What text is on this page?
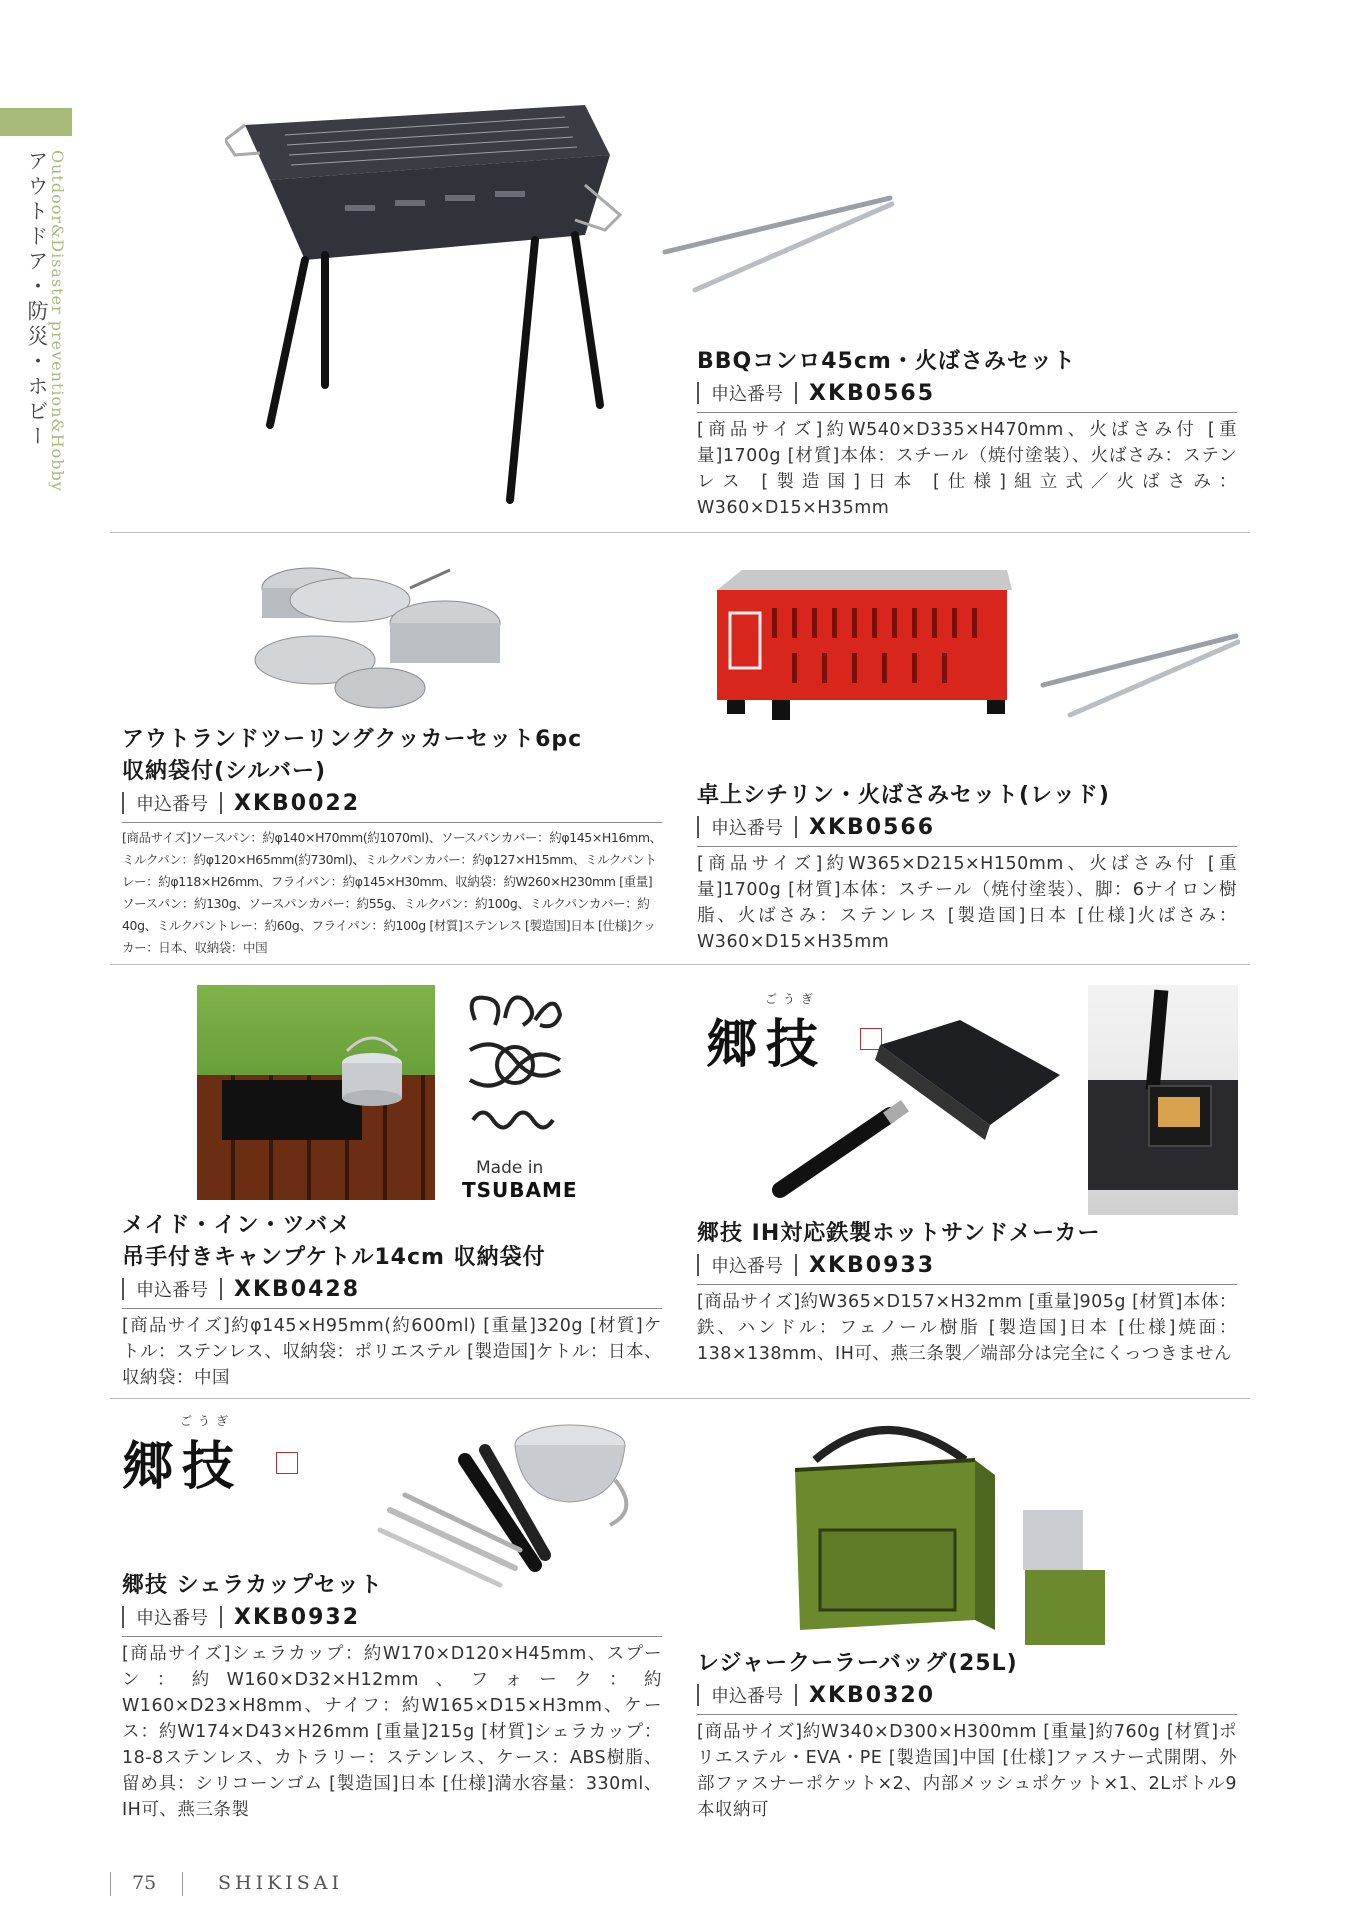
Outdoor&Disaster prevention&Hobby
アウトドア・防災・ホビー	BBQコンロ45cm・火ばさみセット
申込番号 XKB0565
[商品サイズ]約W540×D335×H470mm、火ばさみ付 [重量]1700g [材質]本体：スチール（焼付塗装）、火ばさみ：ステンレス [製造国]日本 [仕様]組立式／火ばさみ：W360×D15×H35mm
アウトランドツーリングクッカーセット6pc
収納袋付(シルバー)
申込番号 XKB0022
[商品サイズ]ソースパン：約φ140×H70mm(約1070ml)、ソースパンカバー：約φ145×H16mm、ミルクパン：約φ120×H65mm(約730ml)、ミルクパンカバー：約φ127×H15mm、ミルクパントレー：約φ118×H26mm、フライパン：約φ145×H30mm、収納袋：約W260×H230mm [重量]ソースパン：約130g、ソースパンカバー：約55g、ミルクパン：約100g、ミルクパンカバー：約40g、ミルクパントレー：約60g、フライパン：約100g [材質]ステンレス [製造国]日本 [仕様]クッカー：日本、収納袋：中国
卓上シチリン・火ばさみセット(レッド)
申込番号 XKB0566
[商品サイズ]約W365×D215×H150mm、火ばさみ付 [重量]1700g [材質]本体：スチール（焼付塗装）、脚：6ナイロン樹脂、火ばさみ：ステンレス [製造国]日本 [仕様]火ばさみ：W360×D15×H35mm
Made in
TSUBAME
メイド・イン・ツバメ
吊手付きキャンプケトル14cm 収納袋付
申込番号 XKB0428
[商品サイズ]約φ145×H95mm(約600ml) [重量]320g [材質]ケトル：ステンレス、収納袋：ポリエステル [製造国]ケトル：日本、収納袋：中国
ごうぎ
郷技
郷技 IH対応鉄製ホットサンドメーカー
申込番号 XKB0933
[商品サイズ]約W365×D157×H32mm [重量]905g [材質]本体：鉄、ハンドル：フェノール樹脂 [製造国]日本 [仕様]焼面：138×138mm、IH可、燕三条製／端部分は完全にくっつきません
ごうぎ
郷技
郷技 シェラカップセット
申込番号 XKB0932
[商品サイズ]シェラカップ：約W170×D120×H45mm、スプーン：約W160×D32×H12mm、フォーク：約W160×D23×H8mm、ナイフ：約W165×D15×H3mm、ケース：約W174×D43×H26mm [重量]215g [材質]シェラカップ：18-8ステンレス、カトラリー：ステンレス、ケース：ABS樹脂、留め具：シリコーンゴム [製造国]日本 [仕様]満水容量：330ml、IH可、燕三条製
レジャークーラーバッグ(25L)
申込番号 XKB0320
[商品サイズ]約W340×D300×H300mm [重量]約760g [材質]ポリエステル・EVA・PE [製造国]中国 [仕様]ファスナー式開閉、外部ファスナーポケット×2、内部メッシュポケット×1、2Lボトル9本収納可
75	SHIKISAI
